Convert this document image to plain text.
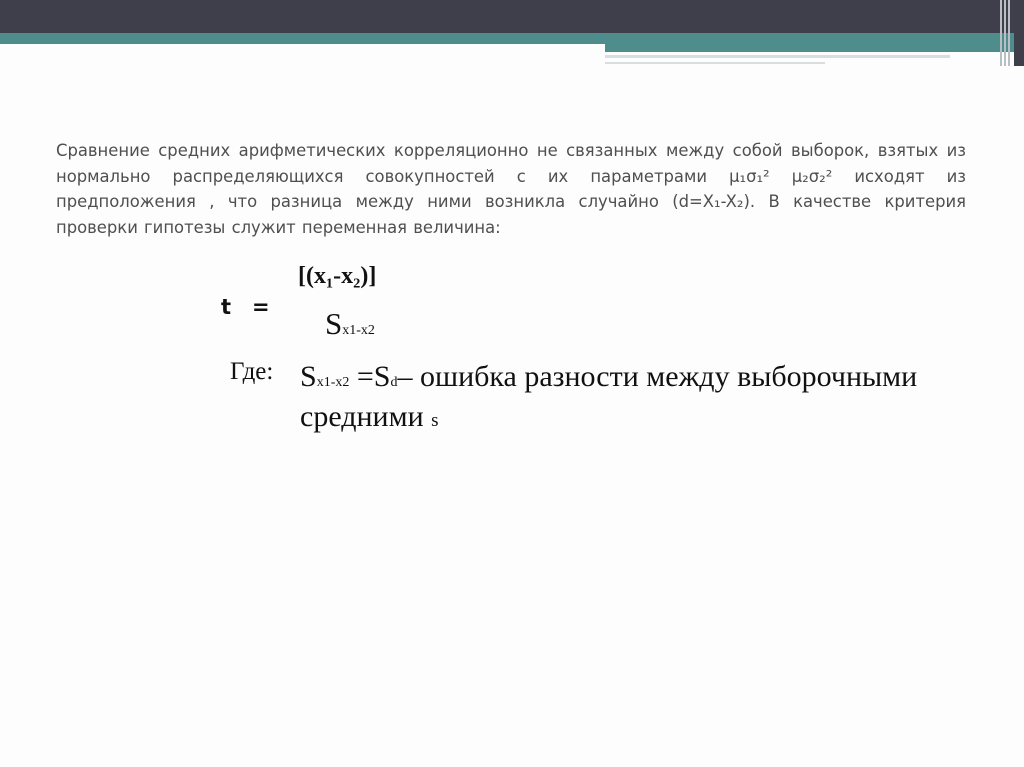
Сравнение средних арифметических корреляционно не связанных между собой выборок, взятых из нормально распределяющихся совокупностей с их параметрами μ₁σ₁² μ₂σ₂² исходят из предположения , что разница между ними возникла случайно (d=X₁-X₂). В качестве критерия проверки гипотезы служит переменная величина:

t =
[(x₁-x₂)]
Sx1-x2
Где: Sx1-x2 =Sd– ошибка разности между выборочными средними s
